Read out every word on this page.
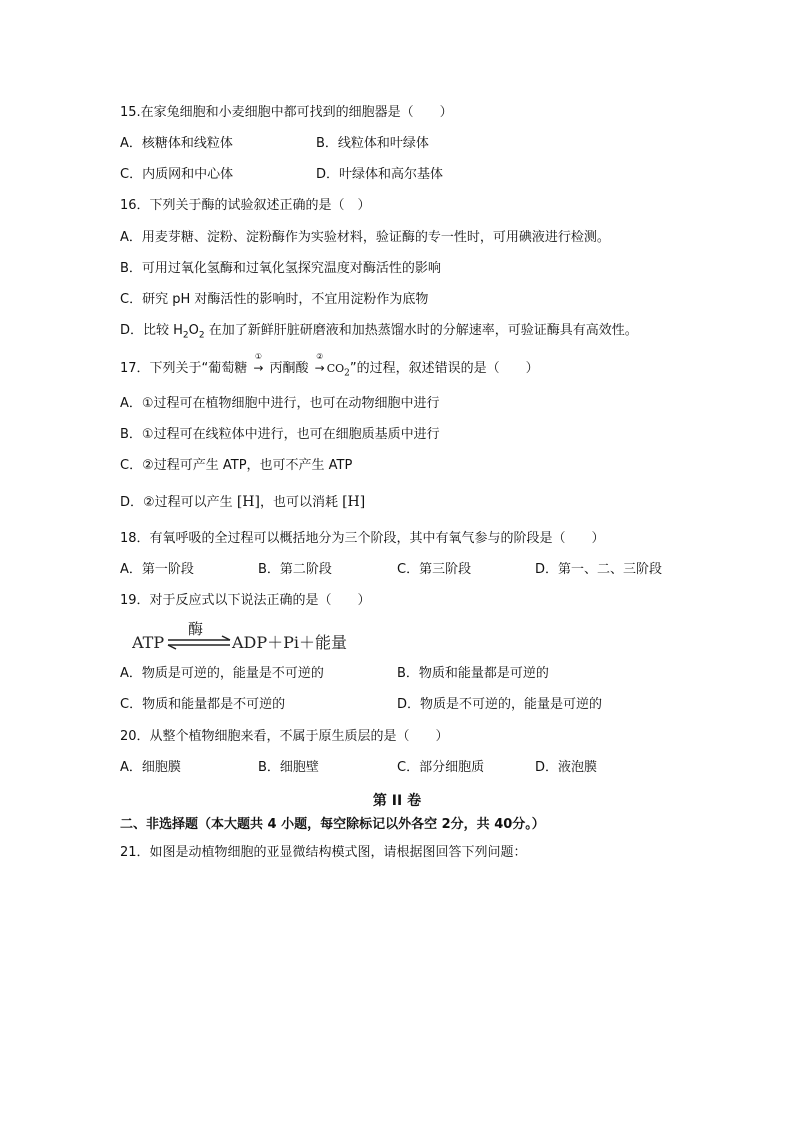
15.在家兔细胞和小麦细胞中都可找到的细胞器是（　　）
A．核糖体和线粒体	B．线粒体和叶绿体
C．内质网和中心体	D．叶绿体和高尔基体
16．下列关于酶的试验叙述正确的是（　）
A．用麦芽糖、淀粉、淀粉酶作为实验材料，验证酶的专一性时，可用碘液进行检测。
B．可用过氧化氢酶和过氧化氢探究温度对酶活性的影响
C．研究 pH 对酶活性的影响时，不宜用淀粉作为底物
D．比较 $H_2O_2$ 在加了新鲜肝脏研磨液和加热蒸馏水时的分解速率，可验证酶具有高效性。
17．下列关于“葡萄糖
①
→ 丙酮酸
②
→ $CO_2$”的过程，叙述错误的是（　　）
A．①过程可在植物细胞中进行，也可在动物细胞中进行
B．①过程可在线粒体中进行，也可在细胞质基质中进行
C．②过程可产生 ATP，也可不产生 ATP
D．②过程可以产生 [H]，也可以消耗 [H]
18．有氧呼吸的全过程可以概括地分为三个阶段，其中有氧气参与的阶段是（　　）
A．第一阶段	B．第二阶段	C．第三阶段	D．第一、二、三阶段
19．对于反应式以下说法正确的是（　　）
ATP
酶
ADP＋Pi＋能量
A．物质是可逆的，能量是不可逆的	B．物质和能量都是可逆的
C．物质和能量都是不可逆的	D．物质是不可逆的，能量是可逆的
20．从整个植物细胞来看，不属于原生质层的是（　　）
A．细胞膜	B．细胞壁	C．部分细胞质	D．液泡膜
第 II 卷
二、非选择题（本大题共 4 小题，每空除标记以外各空 2分，共 40分。）
21．如图是动植物细胞的亚显微结构模式图，请根据图回答下列问题：
